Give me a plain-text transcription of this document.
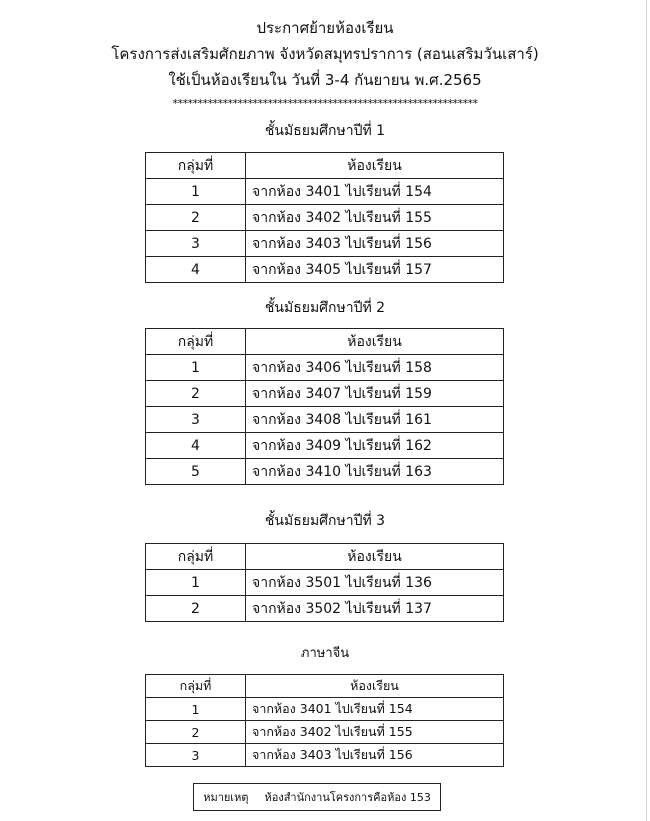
ประกาศย้ายห้องเรียน
โครงการส่งเสริมศักยภาพ จังหวัดสมุทรปราการ (สอนเสริมวันเสาร์)
ใช้เป็นห้องเรียนใน วันที่ 3-4 กันยายน พ.ศ.2565
*************************************************************
ชั้นมัธยมศึกษาปีที่ 1
กลุ่มที่	ห้องเรียน
1	จากห้อง 3401 ไปเรียนที่ 154
2	จากห้อง 3402 ไปเรียนที่ 155
3	จากห้อง 3403 ไปเรียนที่ 156
4	จากห้อง 3405 ไปเรียนที่ 157
ชั้นมัธยมศึกษาปีที่ 2
กลุ่มที่	ห้องเรียน
1	จากห้อง 3406 ไปเรียนที่ 158
2	จากห้อง 3407 ไปเรียนที่ 159
3	จากห้อง 3408 ไปเรียนที่ 161
4	จากห้อง 3409 ไปเรียนที่ 162
5	จากห้อง 3410 ไปเรียนที่ 163
ชั้นมัธยมศึกษาปีที่ 3
กลุ่มที่	ห้องเรียน
1	จากห้อง 3501 ไปเรียนที่ 136
2	จากห้อง 3502 ไปเรียนที่ 137
ภาษาจีน
กลุ่มที่	ห้องเรียน
1	จากห้อง 3401 ไปเรียนที่ 154
2	จากห้อง 3402 ไปเรียนที่ 155
3	จากห้อง 3403 ไปเรียนที่ 156
หมายเหตุ ห้องสำนักงานโครงการคือห้อง 153
